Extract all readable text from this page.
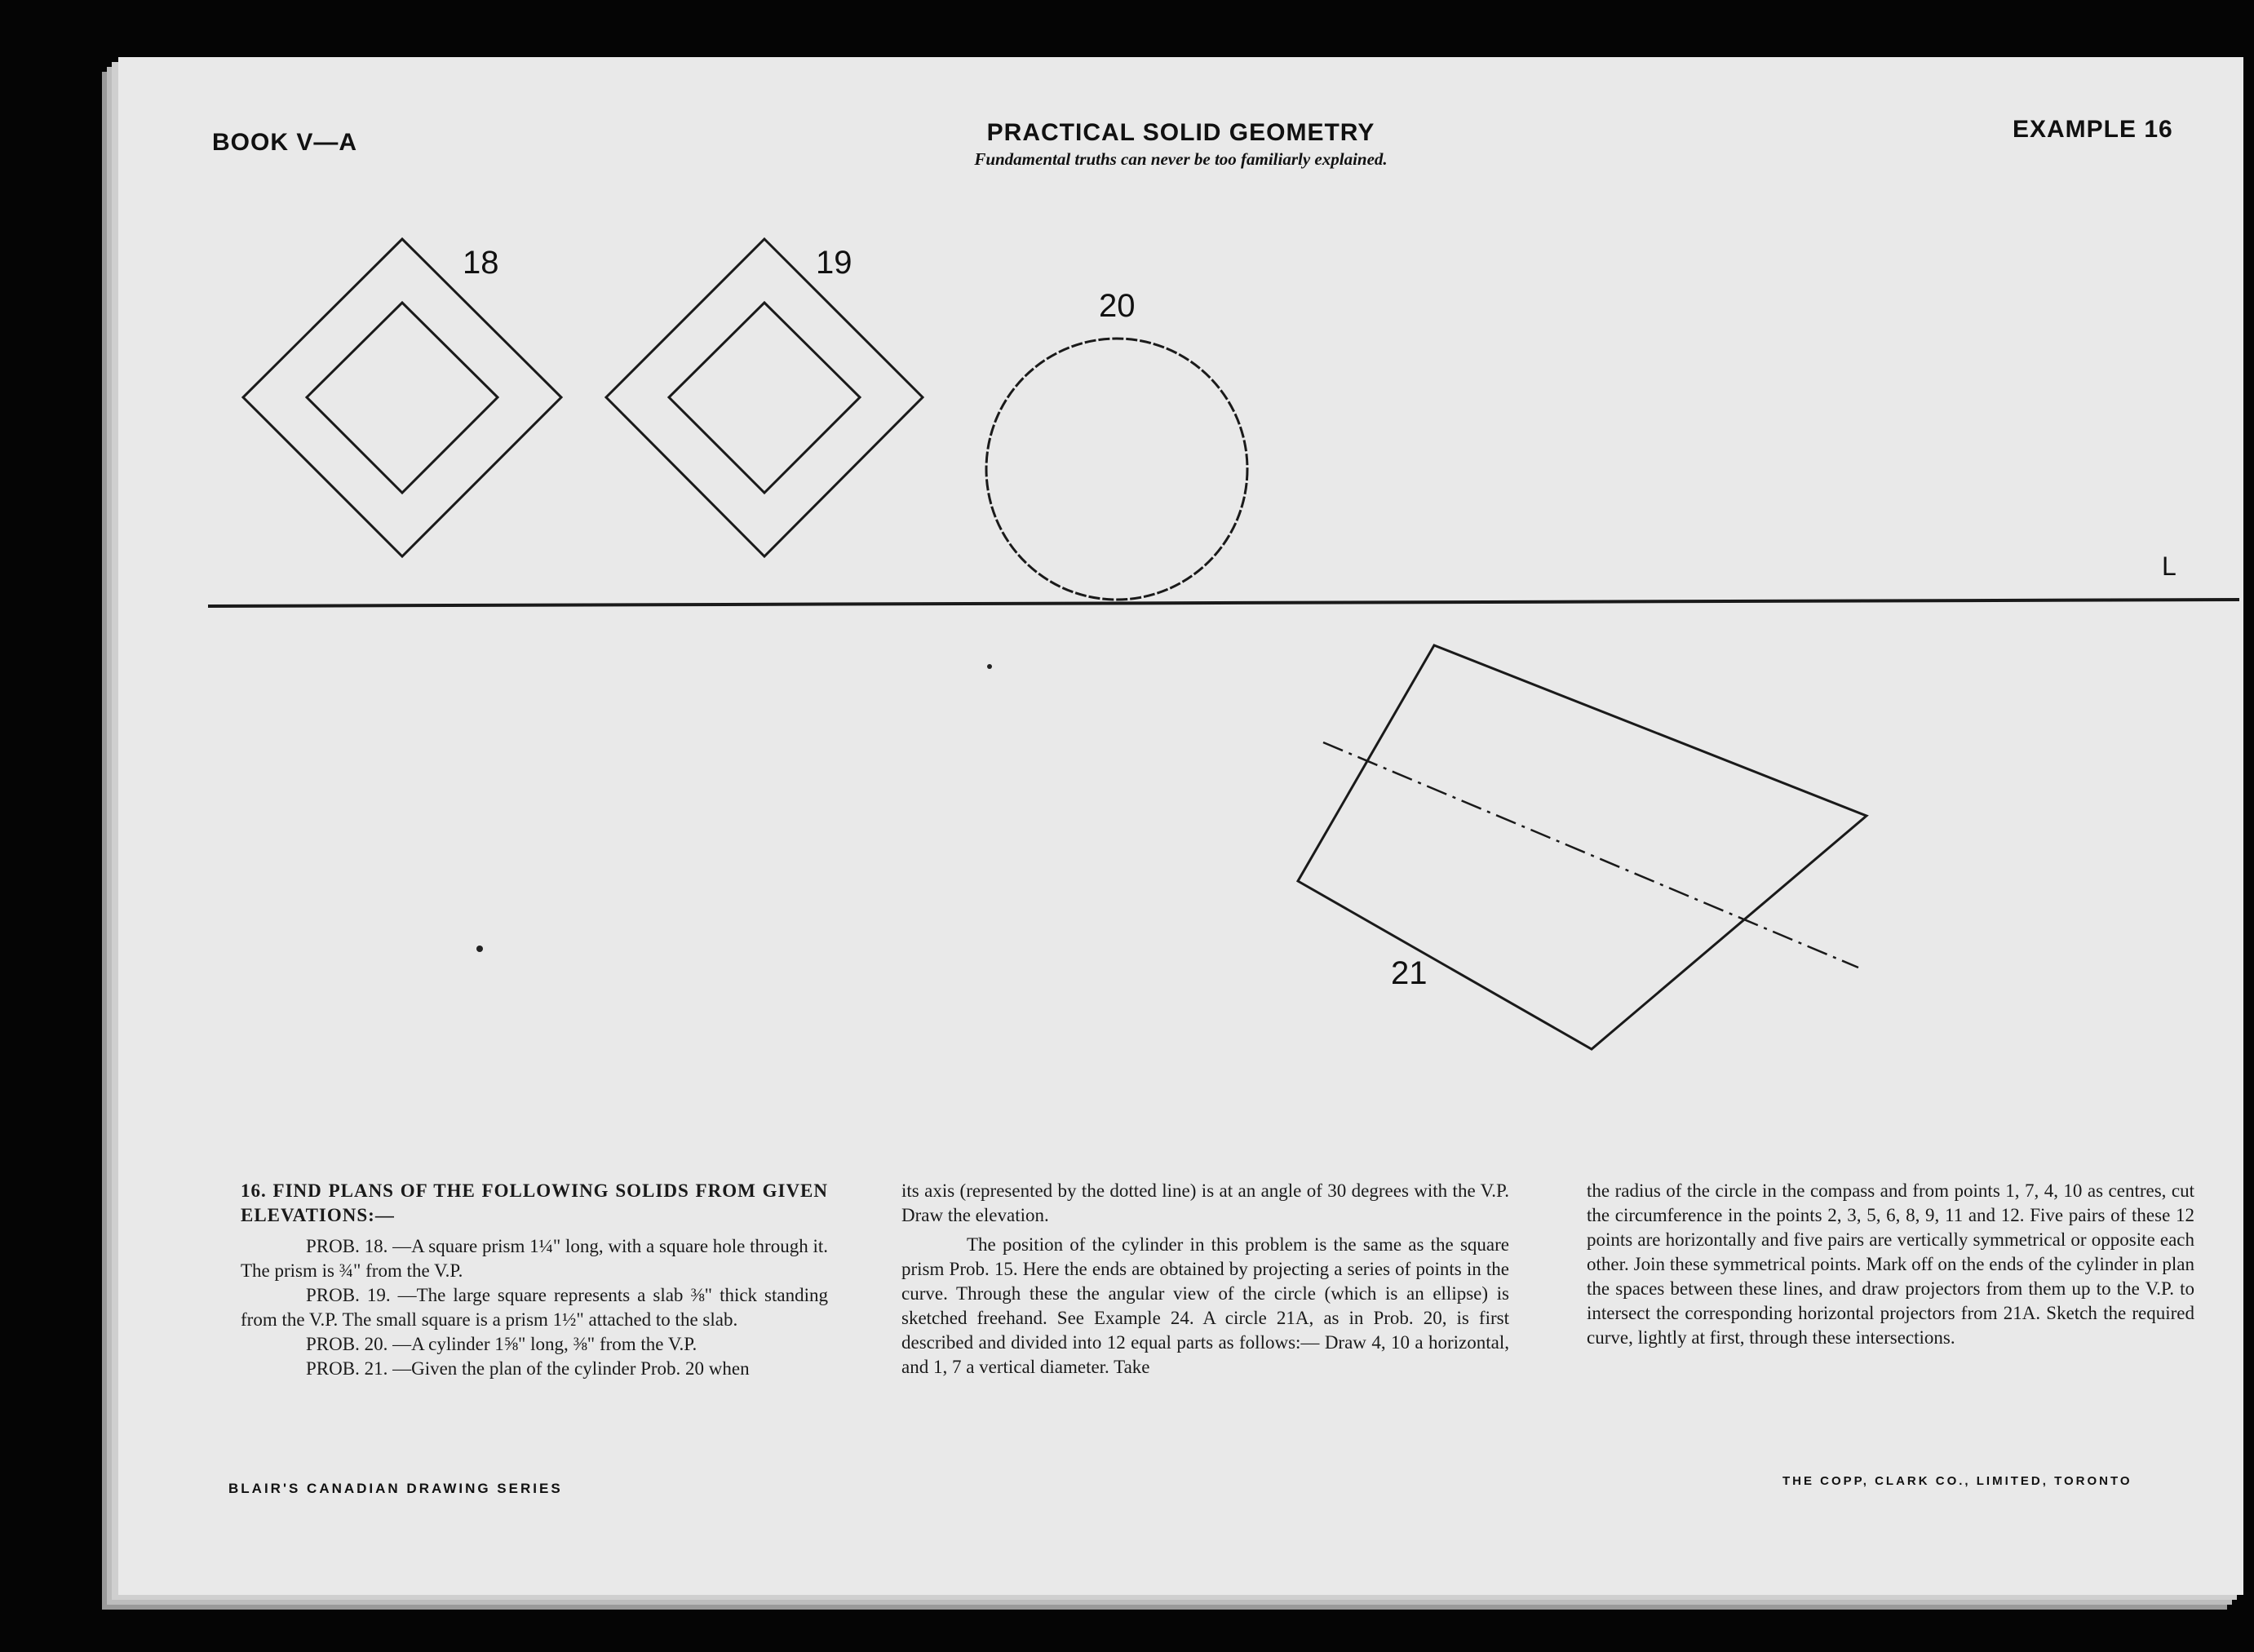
BOOK V—A	PRACTICAL SOLID GEOMETRY
Fundamental truths can never be too familiarly explained.
EXAMPLE 16
18	19
20
21
L

16. FIND PLANS OF THE FOLLOWING SOLIDS FROM GIVEN ELEVATIONS:—

PROB. 18. —A square prism 1¼" long, with a square hole through it. The prism is ¾" from the V.P.

PROB. 19. —The large square represents a slab ⅜" thick standing from the V.P. The small square is a prism 1½" attached to the slab.

PROB. 20. —A cylinder 1⅝" long, ⅜" from the V.P.

PROB. 21. —Given the plan of the cylinder Prob. 20 when

its axis (represented by the dotted line) is at an angle of 30 degrees with the V.P. Draw the elevation.

The position of the cylinder in this problem is the same as the square prism Prob. 15. Here the ends are obtained by projecting a series of points in the curve. Through these the angular view of the circle (which is an ellipse) is sketched freehand. See Example 24. A circle 21A, as in Prob. 20, is first described and divided into 12 equal parts as follows:— Draw 4, 10 a horizontal, and 1, 7 a vertical diameter. Take

the radius of the circle in the compass and from points 1, 7, 4, 10 as centres, cut the circumference in the points 2, 3, 5, 6, 8, 9, 11 and 12. Five pairs of these 12 points are horizontally and five pairs are vertically symmetrical or opposite each other. Join these symmetrical points. Mark off on the ends of the cylinder in plan the spaces between these lines, and draw projectors from them up to the V.P. to intersect the corresponding horizontal projectors from 21A. Sketch the required curve, lightly at first, through these intersections.

BLAIR'S CANADIAN DRAWING SERIES	THE COPP, CLARK CO., LIMITED, TORONTO
